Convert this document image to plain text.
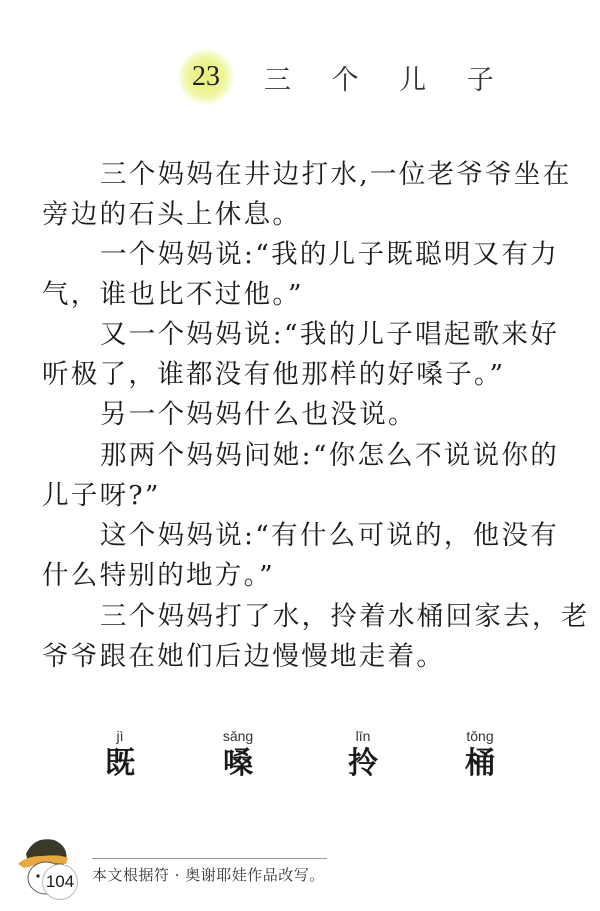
23	三 个 儿 子
三个妈妈在井边打水,一位老爷爷坐在
旁边的石头上休息。
一个妈妈说:“我的儿子既聪明又有力
气，谁也比不过他。”
又一个妈妈说:“我的儿子唱起歌来好
听极了，谁都没有他那样的好嗓子。”
另一个妈妈什么也没说。
那两个妈妈问她:“你怎么不说说你的
儿子呀?”
这个妈妈说:“有什么可说的，他没有
什么特别的地方。”
三个妈妈打了水，拎着水桶回家去，老
爷爷跟在她们后边慢慢地走着。
jì
既
sǎng
嗓
līn
拎
tǒng
桶
104 本文根据符 · 奥谢耶娃作品改写。
